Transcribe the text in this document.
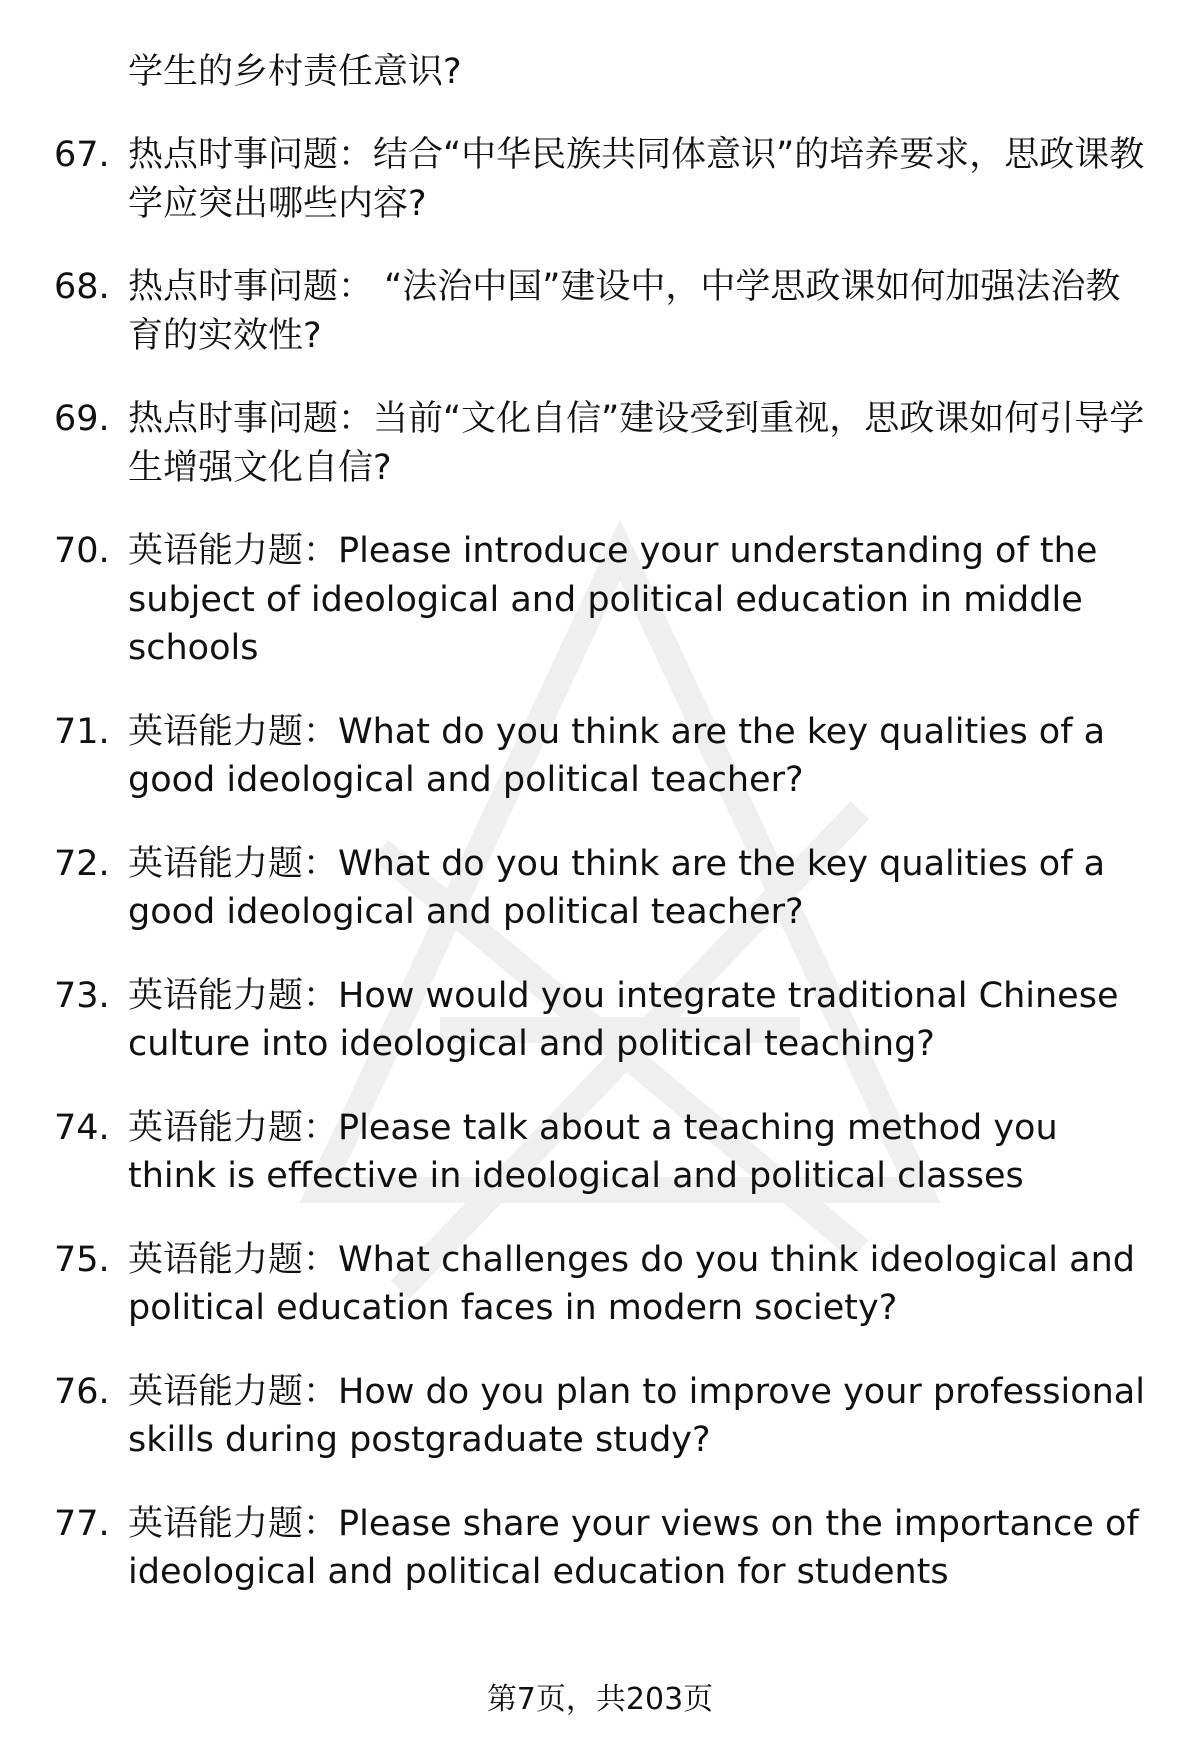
学生的乡村责任意识?
67. 热点时事问题：结合“中华民族共同体意识”的培养要求，思政课教学应突出哪些内容?
68. 热点时事问题： “法治中国”建设中，中学思政课如何加强法治教育的实效性?
69. 热点时事问题：当前“文化自信”建设受到重视，思政课如何引导学生增强文化自信?
70. 英语能力题：Please introduce your understanding of the subject of ideological and political education in middle schools
71. 英语能力题：What do you think are the key qualities of a good ideological and political teacher?
72. 英语能力题：What do you think are the key qualities of a good ideological and political teacher?
73. 英语能力题：How would you integrate traditional Chinese culture into ideological and political teaching?
74. 英语能力题：Please talk about a teaching method you think is effective in ideological and political classes
75. 英语能力题：What challenges do you think ideological and political education faces in modern society?
76. 英语能力题：How do you plan to improve your professional skills during postgraduate study?
77. 英语能力题：Please share your views on the importance of ideological and political education for students
第7页，共203页
